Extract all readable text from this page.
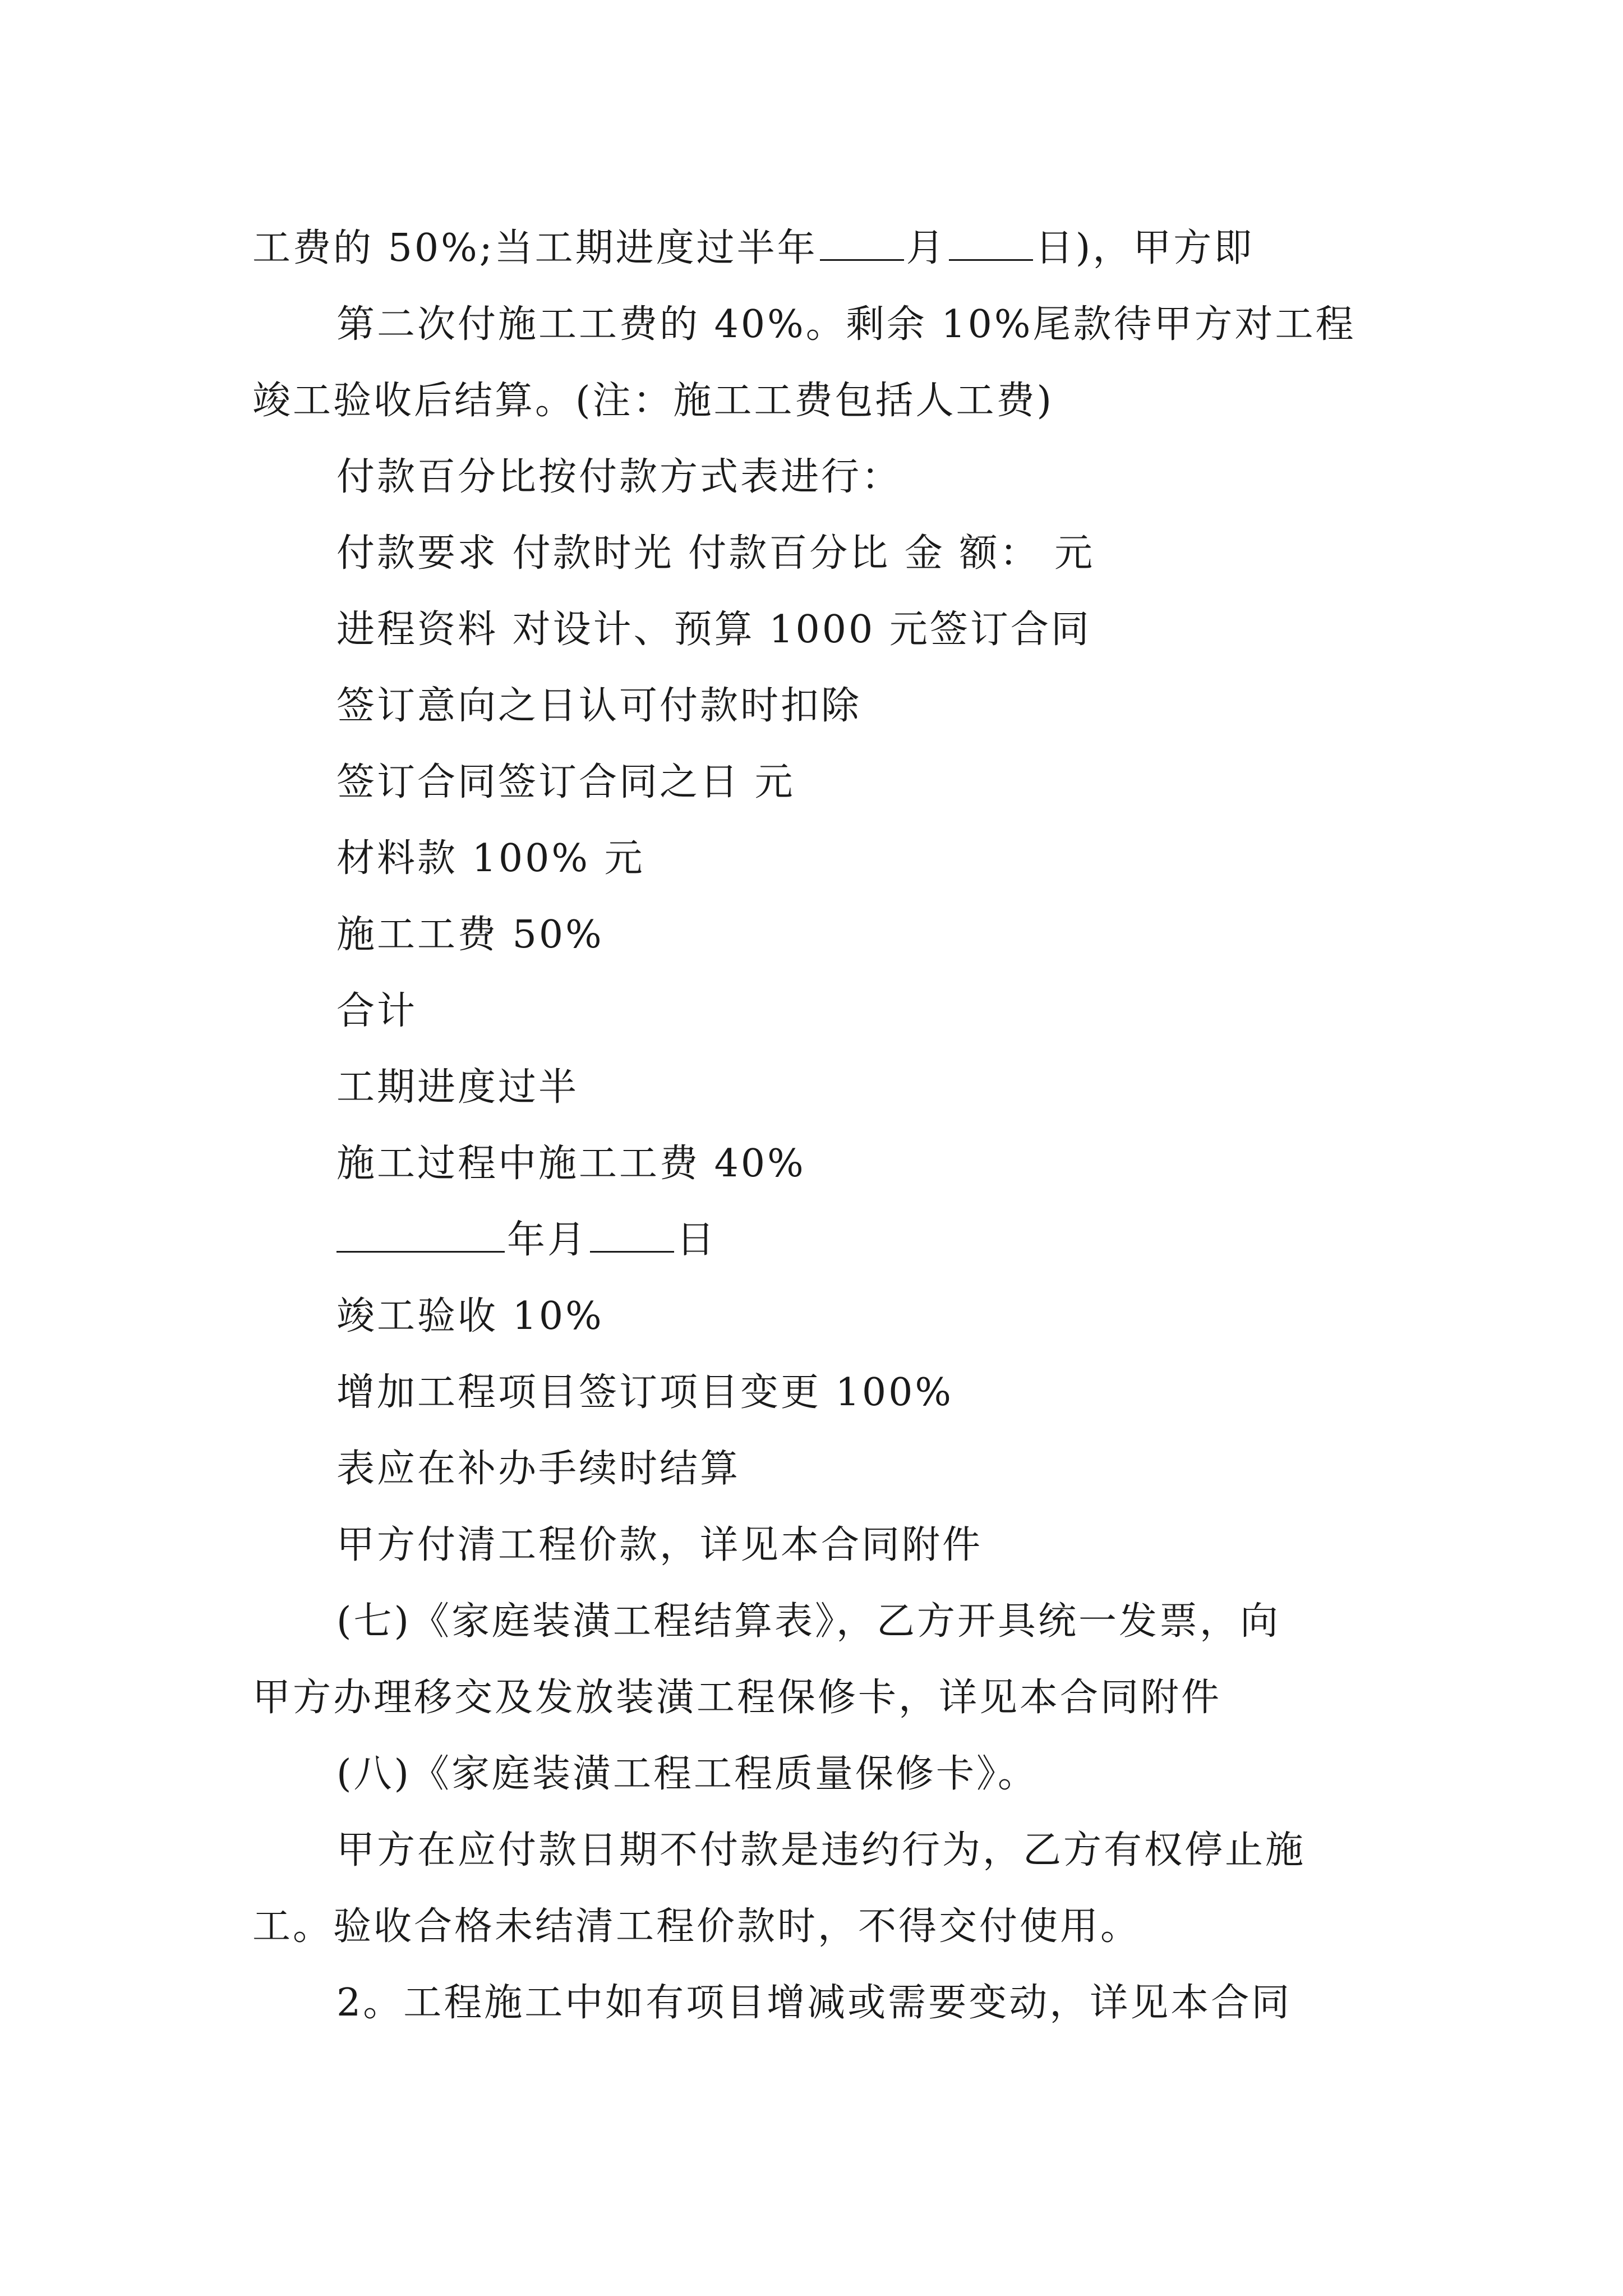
工费的 50%;当工期进度过半年 月 日)，甲方即
第二次付施工工费的 40%。剩余 10%尾款待甲方对工程
竣工验收后结算。(注：施工工费包括人工费)
付款百分比按付款方式表进行：
付款要求 付款时光 付款百分比 金 额： 元
进程资料 对设计、预算 1000 元签订合同
签订意向之日认可付款时扣除
签订合同签订合同之日 元
材料款 100% 元
施工工费 50%
合计
工期进度过半
施工过程中施工工费 40%
年月 日
竣工验收 10%
增加工程项目签订项目变更 100%
表应在补办手续时结算
甲方付清工程价款，详见本合同附件
(七)《家庭装潢工程结算表》，乙方开具统一发票，向
甲方办理移交及发放装潢工程保修卡，详见本合同附件
(八)《家庭装潢工程工程质量保修卡》。
甲方在应付款日期不付款是违约行为，乙方有权停止施
工。验收合格未结清工程价款时，不得交付使用。
2。工程施工中如有项目增减或需要变动，详见本合同
